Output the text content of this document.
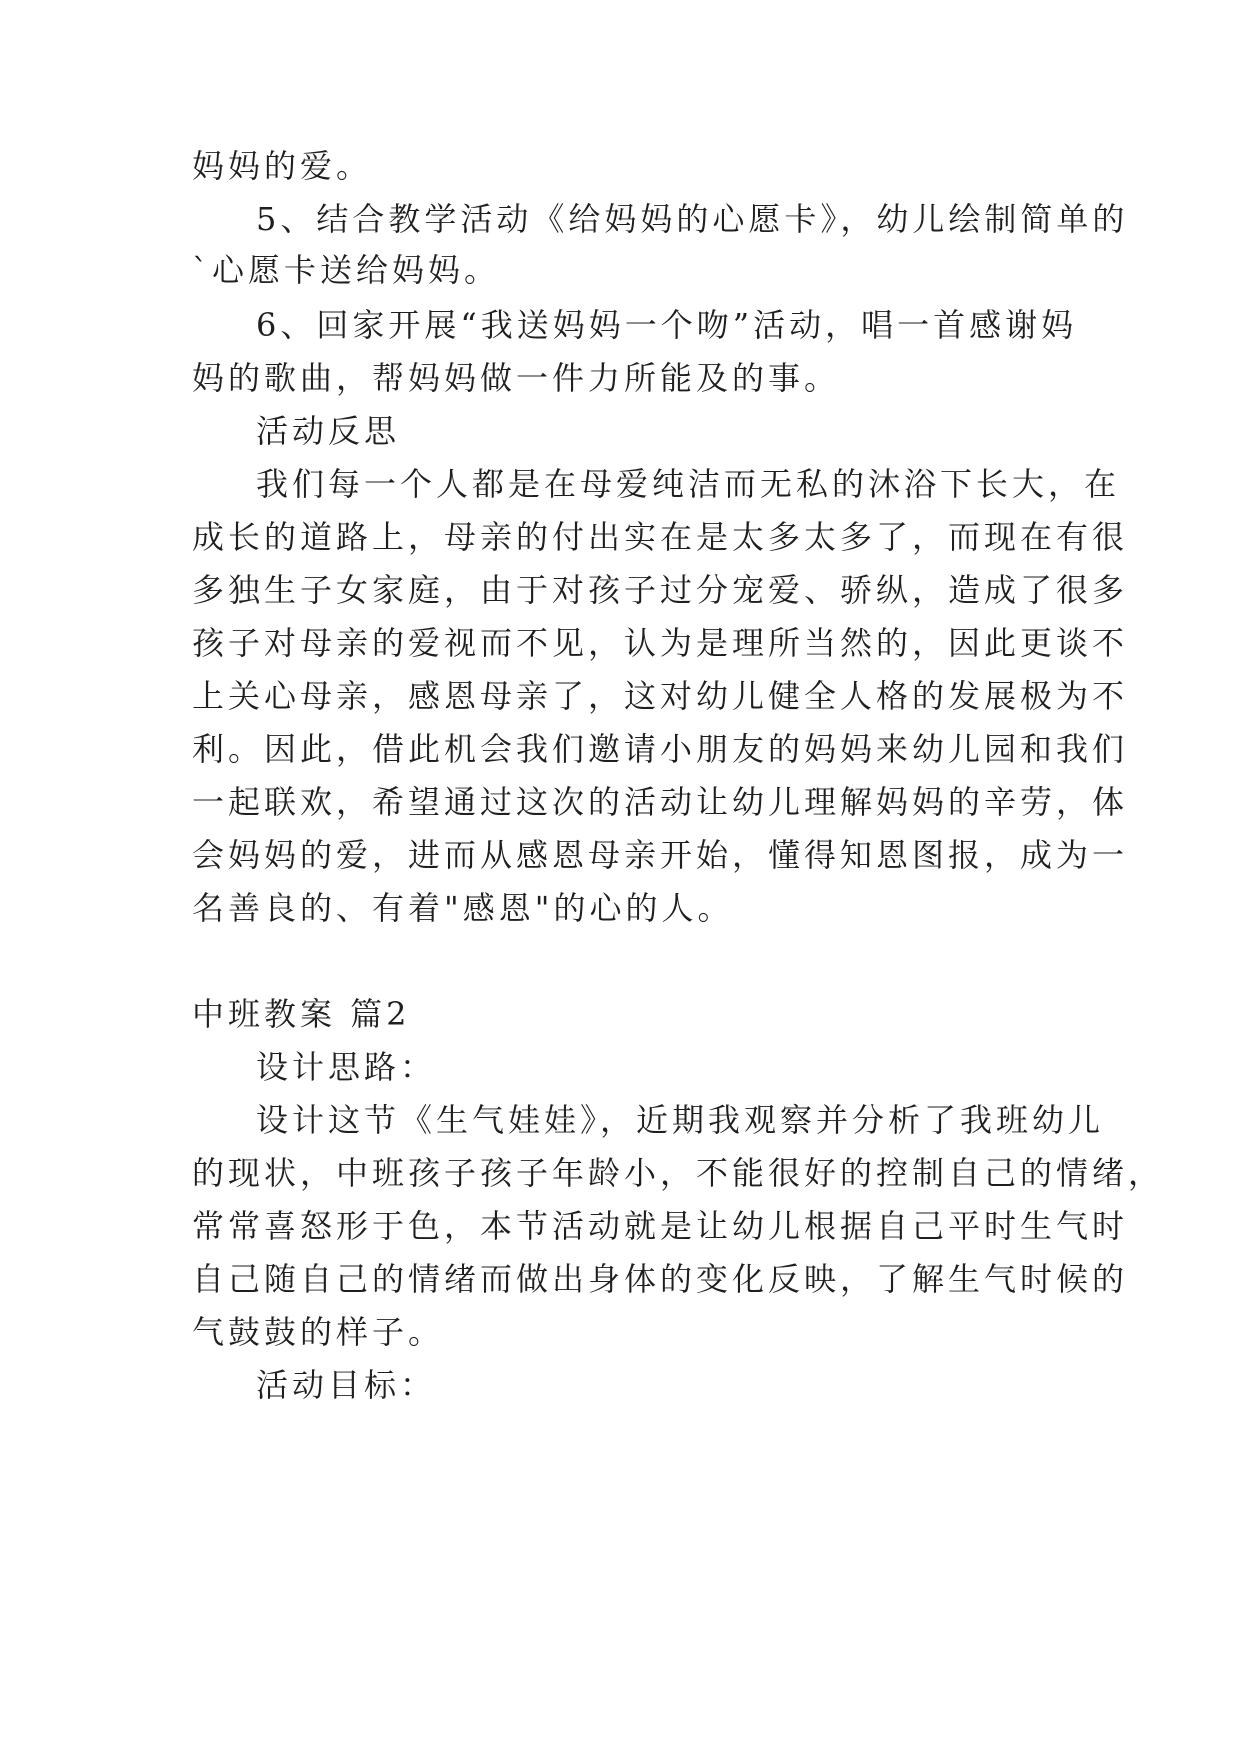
妈妈的爱。
5、结合教学活动《给妈妈的心愿卡》，幼儿绘制简单的
`心愿卡送给妈妈。
6、回家开展“我送妈妈一个吻”活动，唱一首感谢妈
妈的歌曲，帮妈妈做一件力所能及的事。
活动反思
我们每一个人都是在母爱纯洁而无私的沐浴下长大，在
成长的道路上，母亲的付出实在是太多太多了，而现在有很
多独生子女家庭，由于对孩子过分宠爱、骄纵，造成了很多
孩子对母亲的爱视而不见，认为是理所当然的，因此更谈不
上关心母亲，感恩母亲了，这对幼儿健全人格的发展极为不
利。因此，借此机会我们邀请小朋友的妈妈来幼儿园和我们
一起联欢，希望通过这次的活动让幼儿理解妈妈的辛劳，体
会妈妈的爱，进而从感恩母亲开始，懂得知恩图报，成为一
名善良的、有着"感恩"的心的人。
中班教案 篇2
设计思路：
设计这节《生气娃娃》，近期我观察并分析了我班幼儿
的现状，中班孩子孩子年龄小，不能很好的控制自己的情绪，
常常喜怒形于色，本节活动就是让幼儿根据自己平时生气时
自己随自己的情绪而做出身体的变化反映，了解生气时候的
气鼓鼓的样子。
活动目标：
